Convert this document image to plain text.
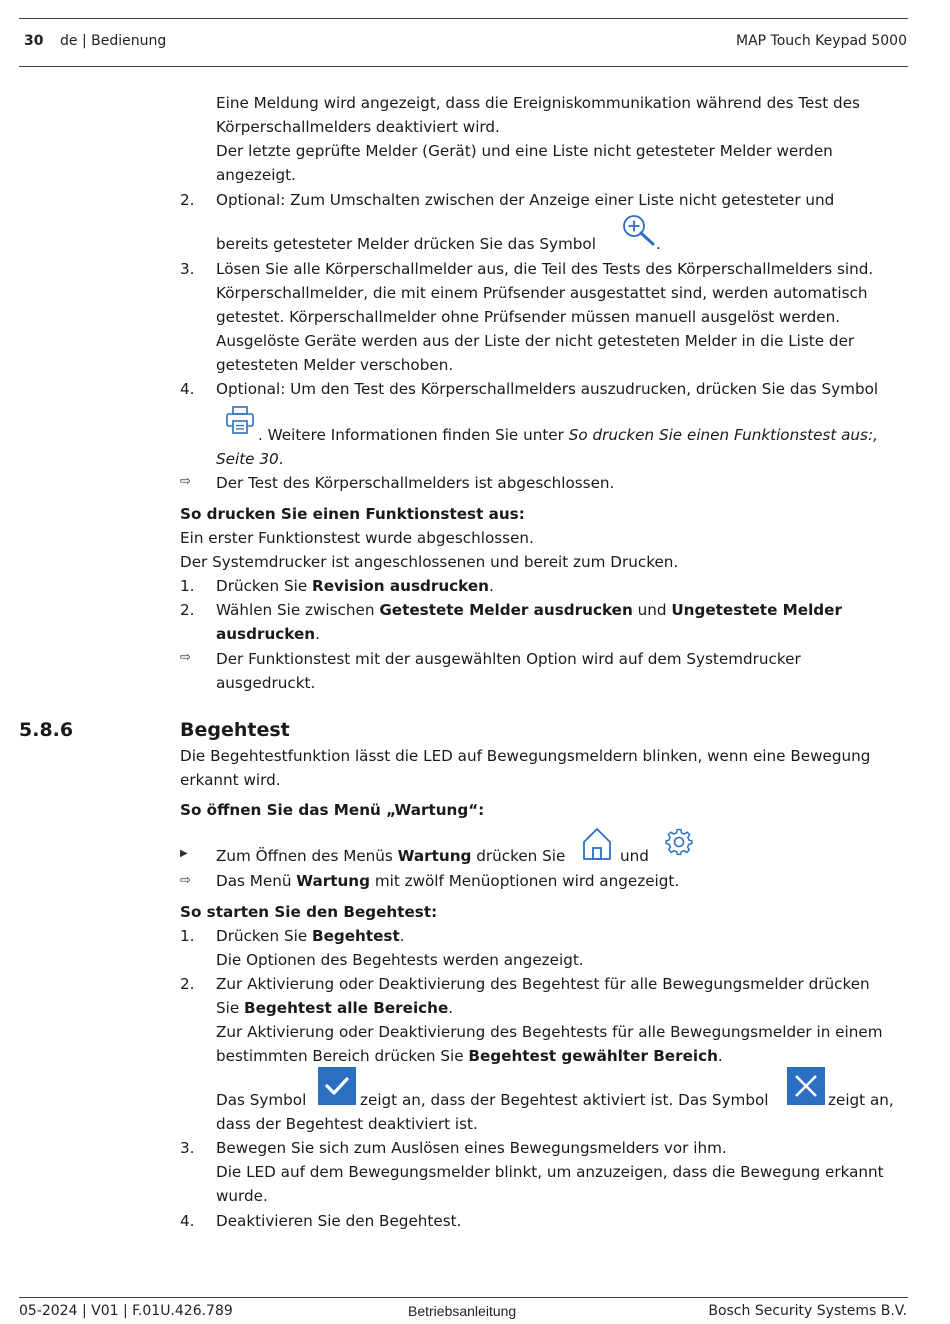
30 de | Bedienung	MAP Touch Keypad 5000
Eine Meldung wird angezeigt, dass die Ereigniskommunikation während des Test des
Körperschallmelders deaktiviert wird.
Der letzte geprüfte Melder (Gerät) und eine Liste nicht getesteter Melder werden
angezeigt.
2. Optional: Zum Umschalten zwischen der Anzeige einer Liste nicht getesteter und
bereits getesteter Melder drücken Sie das Symbol	.
3. Lösen Sie alle Körperschallmelder aus, die Teil des Tests des Körperschallmelders sind.
Körperschallmelder, die mit einem Prüfsender ausgestattet sind, werden automatisch
getestet. Körperschallmelder ohne Prüfsender müssen manuell ausgelöst werden.
Ausgelöste Geräte werden aus der Liste der nicht getesteten Melder in die Liste der
getesteten Melder verschoben.
4. Optional: Um den Test des Körperschallmelders auszudrucken, drücken Sie das Symbol
. Weitere Informationen finden Sie unter So drucken Sie einen Funktionstest aus:,
Seite 30.
⇨ Der Test des Körperschallmelders ist abgeschlossen.
So drucken Sie einen Funktionstest aus:
Ein erster Funktionstest wurde abgeschlossen.
Der Systemdrucker ist angeschlossenen und bereit zum Drucken.
1. Drücken Sie Revision ausdrucken.
2. Wählen Sie zwischen Getestete Melder ausdrucken und Ungetestete Melder
ausdrucken.
⇨ Der Funktionstest mit der ausgewählten Option wird auf dem Systemdrucker
ausgedruckt.
5.8.6	Begehtest
Die Begehtestfunktion lässt die LED auf Bewegungsmeldern blinken, wenn eine Bewegung
erkannt wird.
So öffnen Sie das Menü „Wartung“:
▶ Zum Öffnen des Menüs Wartung drücken Sie	und
⇨ Das Menü Wartung mit zwölf Menüoptionen wird angezeigt.
So starten Sie den Begehtest:
1. Drücken Sie Begehtest.
Die Optionen des Begehtests werden angezeigt.
2. Zur Aktivierung oder Deaktivierung des Begehtest für alle Bewegungsmelder drücken
Sie Begehtest alle Bereiche.
Zur Aktivierung oder Deaktivierung des Begehtests für alle Bewegungsmelder in einem
bestimmten Bereich drücken Sie Begehtest gewählter Bereich.
Das Symbol	zeigt an, dass der Begehtest aktiviert ist. Das Symbol	zeigt an,
dass der Begehtest deaktiviert ist.
3. Bewegen Sie sich zum Auslösen eines Bewegungsmelders vor ihm.
Die LED auf dem Bewegungsmelder blinkt, um anzuzeigen, dass die Bewegung erkannt
wurde.
4. Deaktivieren Sie den Begehtest.
05-2024 | V01 | F.01U.426.789	Betriebsanleitung	Bosch Security Systems B.V.
